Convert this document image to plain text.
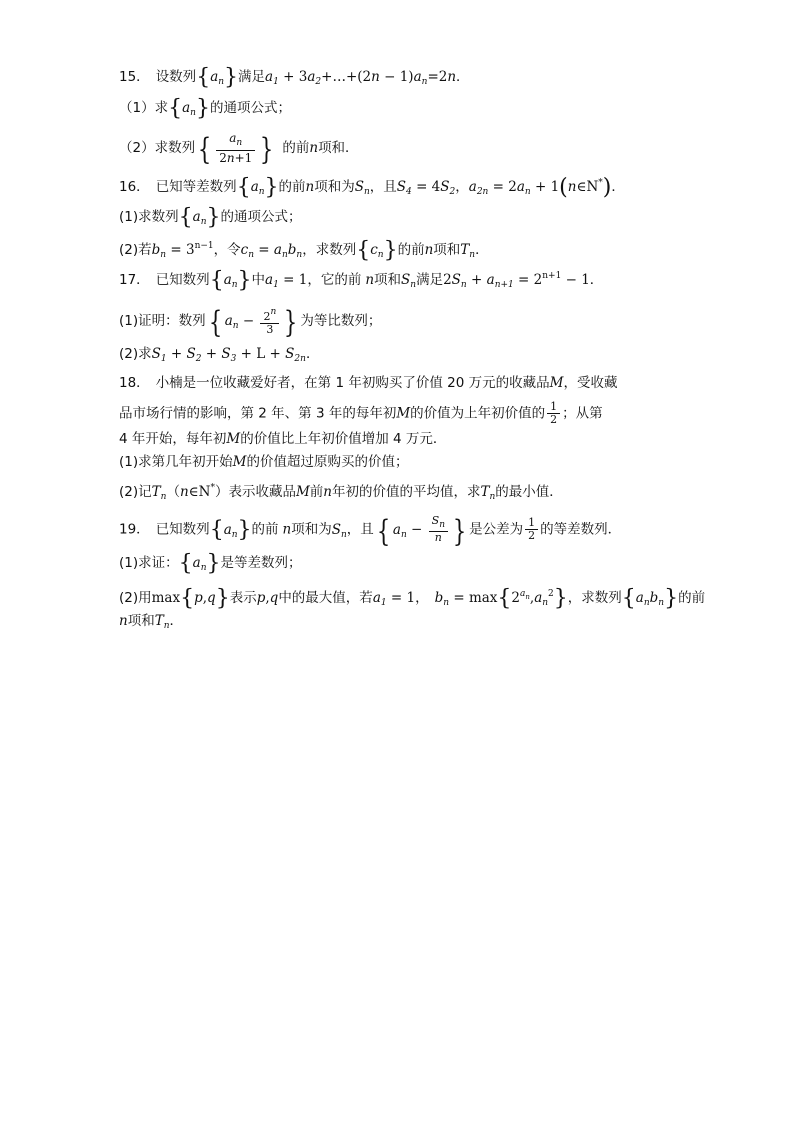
15． 设数列$\{a_n\}$满足$a_1$ + $3a_2+\dots+(2n - 1)a_n=2n$．
（1）求$\{a_n\}$的通项公式；
（2）求数列{ $\frac{a_n}{2n+1}$ } 的前n项和．
16． 已知等差数列$\{a_n\}$的前n项和为$S_n$，且$S_4 = 4S_2$，$a_{2n} = 2a_n$ + 1(n∈N*)．
(1)求数列$\{a_n\}$的通项公式；
(2)若$b_n = 3^{n-1}$，令$c_n = a_nb_n$，求数列$\{c_n\}$的前n项和$T_n$．
17． 已知数列$\{a_n\}$中$a_1 = 1$，它的前 n项和$S_n$满足$2S_n + a_{n+1} = 2^{n+1} - 1$．
(1)证明：数列{ $a_n - \frac{2^n}{3}$ } 为等比数列；
(2)求$S_1 + S_2 + S_3 + L + S_{2n}$．
18． 小楠是一位收藏爱好者，在第 1 年初购买了价值 20 万元的收藏品M，受收藏
品市场行情的影响，第 2 年、第 3 年的每年初M的价值为上年初价值的 $\frac{1}{2}$ ；从第
4 年开始，每年初M的价值比上年初价值增加 4 万元．
(1)求第几年初开始M的价值超过原购买的价值；
(2)记$T_n(n\in N^*)$表示收藏品M前n年初的价值的平均值，求$T_n$的最小值．
19． 已知数列$\{a_n\}$的前 n项和为$S_n$，且{ $a_n - \frac{S_n}{n}$ } 是公差为 $\frac{1}{2}$ 的等差数列．
(1)求证：$\{a_n\}$是等差数列；
(2)用max{p,q}表示p,q中的最大值，若$a_1 = 1$， $b_n = \max\{2^{a_n},a_n^2\}$，求数列$\{a_nb_n\}$的前
n项和$T_n$．
